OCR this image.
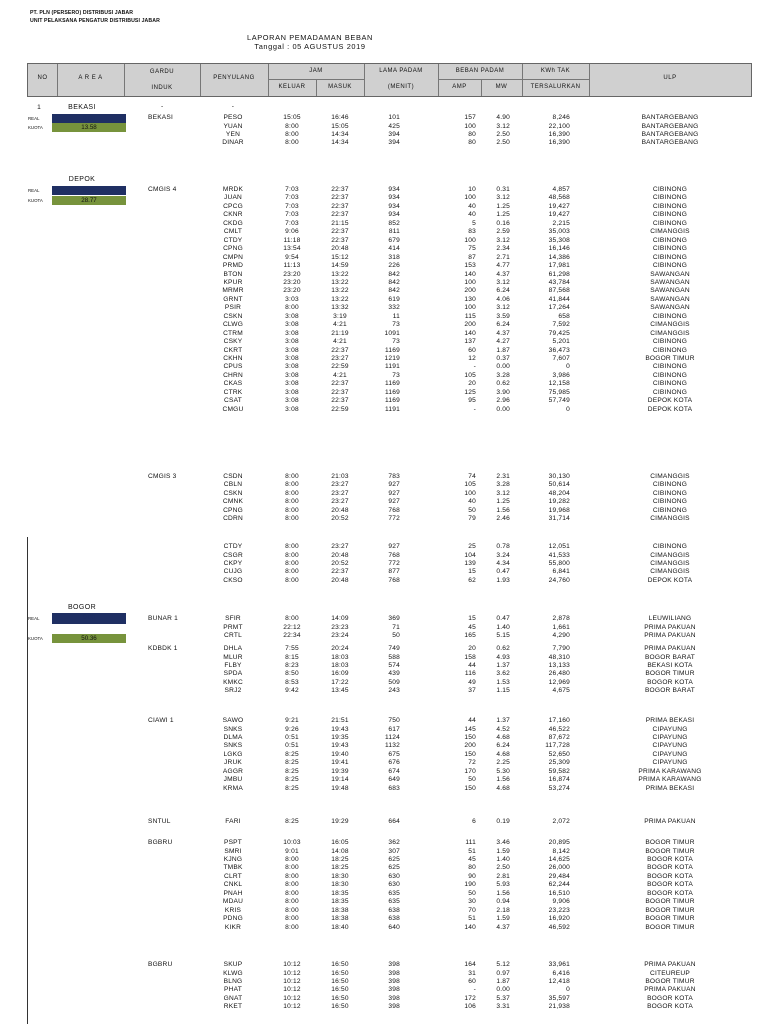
PT. PLN (PERSERO) DISTRIBUSI JABAR
UNIT PELAKSANA PENGATUR DISTRIBUSI JABAR
LAPORAN PEMADAMAN BEBAN
Tanggal : 05 AGUSTUS 2019
NO	A R E A
GARDU
INDUK
PENYULANG
JAM
KELUAR	MASUK
LAMA PADAM
(MENIT)
BEBAN PADAM
AMP	MW
KWh TAK
TERSALURKAN
ULP
1	BEKASI
REAL	0.00
KUOTA	13.58
DEPOK
REAL	0.00
KUOTA	28.77
BOGOR
REAL	0.00
KUOTA	50.36
-	-
BEKASI	PESO	15:05	16:46	101	157	4.90	8,246	BANTARGEBANG
YUAN	8:00	15:05	425	100	3.12	22,100	BANTARGEBANG
YEN	8:00	14:34	394	80	2.50	16,390	BANTARGEBANG
DINAR	8:00	14:34	394	80	2.50	16,390	BANTARGEBANG
CMGIS 4	MRDK	7:03	22:37	934	10	0.31	4,857	CIBINONG
JUAN	7:03	22:37	934	100	3.12	48,568	CIBINONG
CPCG	7:03	22:37	934	40	1.25	19,427	CIBINONG
CKNR	7:03	22:37	934	40	1.25	19,427	CIBINONG
CKDG	7:03	21:15	852	5	0.16	2,215	CIBINONG
CMLT	9:06	22:37	811	83	2.59	35,003	CIMANGGIS
CTDY	11:18	22:37	679	100	3.12	35,308	CIBINONG
CPNG	13:54	20:48	414	75	2.34	16,146	CIBINONG
CMPN	9:54	15:12	318	87	2.71	14,386	CIBINONG
PRMD	11:13	14:59	226	153	4.77	17,981	CIBINONG
BTON	23:20	13:22	842	140	4.37	61,298	SAWANGAN
KPUR	23:20	13:22	842	100	3.12	43,784	SAWANGAN
MRMR	23:20	13:22	842	200	6.24	87,568	SAWANGAN
GRNT	3:03	13:22	619	130	4.06	41,844	SAWANGAN
PSIR	8:00	13:32	332	100	3.12	17,264	SAWANGAN
CSKN	3:08	3:19	11	115	3.59	658	CIBINONG
CLWG	3:08	4:21	73	200	6.24	7,592	CIMANGGIS
CTRM	3:08	21:19	1091	140	4.37	79,425	CIMANGGIS
CSKY	3:08	4:21	73	137	4.27	5,201	CIBINONG
CKRT	3:08	22:37	1169	60	1.87	36,473	CIBINONG
CKHN	3:08	23:27	1219	12	0.37	7,607	BOGOR TIMUR
CPUS	3:08	22:59	1191	-	0.00	0	CIBINONG
CHRN	3:08	4:21	73	105	3.28	3,986	CIBINONG
CKAS	3:08	22:37	1169	20	0.62	12,158	CIBINONG
CTRK	3:08	22:37	1169	125	3.90	75,985	CIBINONG
CSAT	3:08	22:37	1169	95	2.96	57,749	DEPOK KOTA
CMGU	3:08	22:59	1191	-	0.00	0	DEPOK KOTA
CMGIS 3	CSDN	8:00	21:03	783	74	2.31	30,130	CIMANGGIS
CBLN	8:00	23:27	927	105	3.28	50,614	CIBINONG
CSKN	8:00	23:27	927	100	3.12	48,204	CIBINONG
CMNK	8:00	23:27	927	40	1.25	19,282	CIBINONG
CPNG	8:00	20:48	768	50	1.56	19,968	CIBINONG
CDRN	8:00	20:52	772	79	2.46	31,714	CIMANGGIS
CTDY	8:00	23:27	927	25	0.78	12,051	CIBINONG
CSGR	8:00	20:48	768	104	3.24	41,533	CIMANGGIS
CKPY	8:00	20:52	772	139	4.34	55,800	CIMANGGIS
CUJG	8:00	22:37	877	15	0.47	6,841	CIMANGGIS
CKSO	8:00	20:48	768	62	1.93	24,760	DEPOK KOTA
BUNAR 1	SFIR	8:00	14:09	369	15	0.47	2,878	LEUWILIANG
PRMT	22:12	23:23	71	45	1.40	1,661	PRIMA PAKUAN
CRTL	22:34	23:24	50	165	5.15	4,290	PRIMA PAKUAN
KDBDK 1	DHLA	7:55	20:24	749	20	0.62	7,790	PRIMA PAKUAN
MLUR	8:15	18:03	588	158	4.93	48,310	BOGOR BARAT
FLBY	8:23	18:03	574	44	1.37	13,133	BEKASI KOTA
SPDA	8:50	16:09	439	116	3.62	26,480	BOGOR TIMUR
KMKC	8:53	17:22	509	49	1.53	12,969	BOGOR KOTA
SRJ2	9:42	13:45	243	37	1.15	4,675	BOGOR BARAT
CIAWI 1	SAWO	9:21	21:51	750	44	1.37	17,160	PRIMA BEKASI
SNKS	9:26	19:43	617	145	4.52	46,522	CIPAYUNG
DLMA	0:51	19:35	1124	150	4.68	87,672	CIPAYUNG
SNKS	0:51	19:43	1132	200	6.24	117,728	CIPAYUNG
LGKG	8:25	19:40	675	150	4.68	52,650	CIPAYUNG
JRUK	8:25	19:41	676	72	2.25	25,309	CIPAYUNG
AGGR	8:25	19:39	674	170	5.30	59,582	PRIMA KARAWANG
JMBU	8:25	19:14	649	50	1.56	16,874	PRIMA KARAWANG
KRMA	8:25	19:48	683	150	4.68	53,274	PRIMA BEKASI
SNTUL	FARI	8:25	19:29	664	6	0.19	2,072	PRIMA PAKUAN
BGBRU	PSPT	10:03	16:05	362	111	3.46	20,895	BOGOR TIMUR
SMRI	9:01	14:08	307	51	1.59	8,142	BOGOR TIMUR
KJNG	8:00	18:25	625	45	1.40	14,625	BOGOR KOTA
TMBK	8:00	18:25	625	80	2.50	26,000	BOGOR KOTA
CLRT	8:00	18:30	630	90	2.81	29,484	BOGOR KOTA
CNKL	8:00	18:30	630	190	5.93	62,244	BOGOR KOTA
PNAH	8:00	18:35	635	50	1.56	16,510	BOGOR KOTA
MDAU	8:00	18:35	635	30	0.94	9,906	BOGOR TIMUR
KRIS	8:00	18:38	638	70	2.18	23,223	BOGOR TIMUR
PDNG	8:00	18:38	638	51	1.59	16,920	BOGOR TIMUR
KIKR	8:00	18:40	640	140	4.37	46,592	BOGOR TIMUR
BGBRU	SKUP	10:12	16:50	398	164	5.12	33,961	PRIMA PAKUAN
KLWG	10:12	16:50	398	31	0.97	6,416	CITEUREUP
BLNG	10:12	16:50	398	60	1.87	12,418	BOGOR TIMUR
PHAT	10:12	16:50	398	-	0.00	0	PRIMA PAKUAN
GNAT	10:12	16:50	398	172	5.37	35,597	BOGOR KOTA
RKET	10:12	16:50	398	106	3.31	21,938	BOGOR KOTA
